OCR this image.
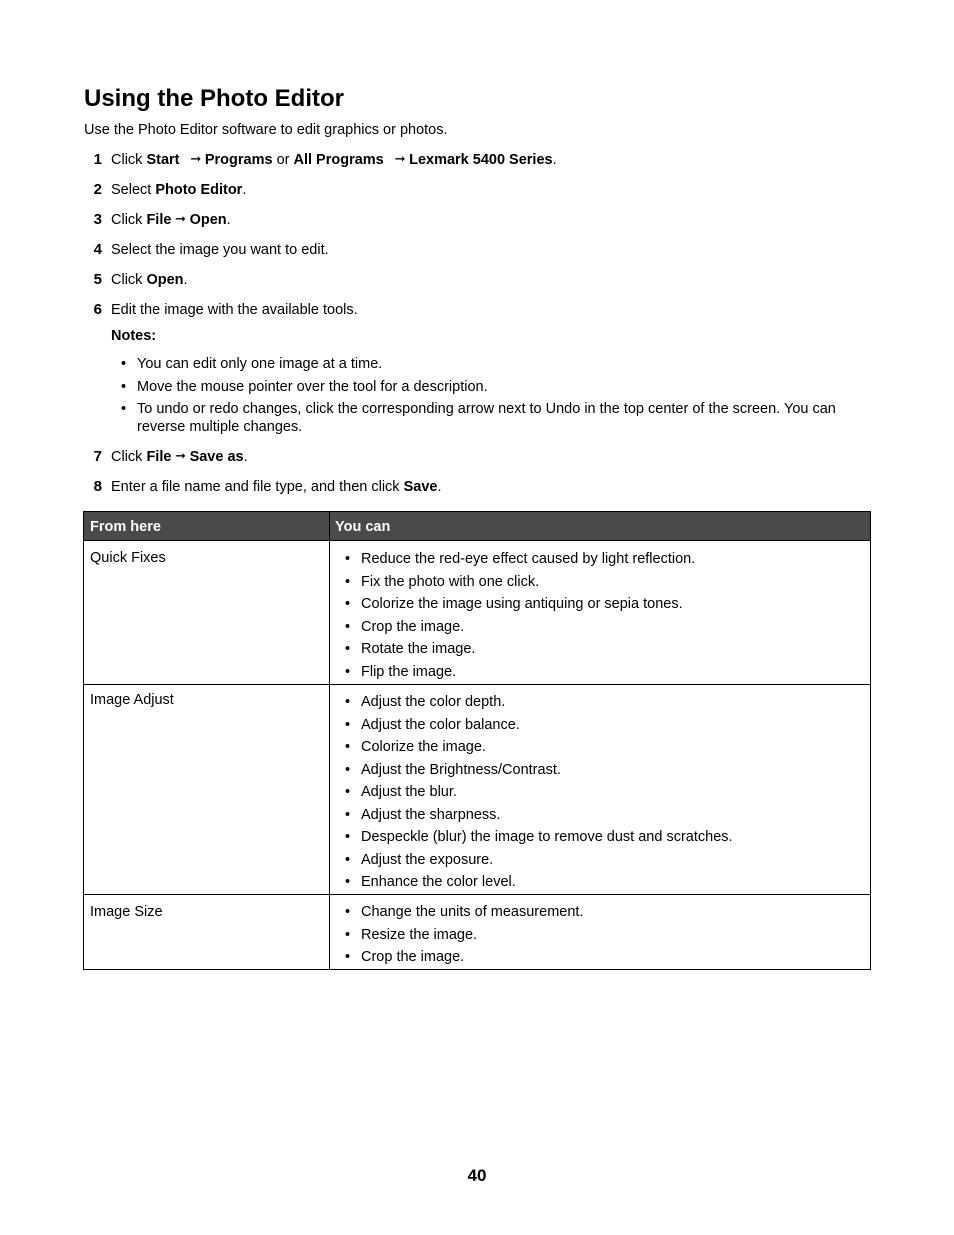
Using the Photo Editor
Use the Photo Editor software to edit graphics or photos.
1 Click Start   ➞ Programs or All Programs   ➞ Lexmark 5400 Series.
2 Select Photo Editor.
3 Click File ➞ Open.
4 Select the image you want to edit.
5 Click Open.
6 Edit the image with the available tools.
7 Click File ➞ Save as.
8 Enter a file name and file type, and then click Save.
Notes:
• You can edit only one image at a time.
• Move the mouse pointer over the tool for a description.
• To undo or redo changes, click the corresponding arrow next to Undo in the top center of the screen. You can reverse multiple changes.
From here	You can
Quick Fixes	• Reduce the red-eye effect caused by light reflection.
• Fix the photo with one click.
• Colorize the image using antiquing or sepia tones.
• Crop the image.
• Rotate the image.
• Flip the image.
Image Adjust	• Adjust the color depth.
• Adjust the color balance.
• Colorize the image.
• Adjust the Brightness/Contrast.
• Adjust the blur.
• Adjust the sharpness.
• Despeckle (blur) the image to remove dust and scratches.
• Adjust the exposure.
• Enhance the color level.
Image Size	• Change the units of measurement.
• Resize the image.
• Crop the image.
40
